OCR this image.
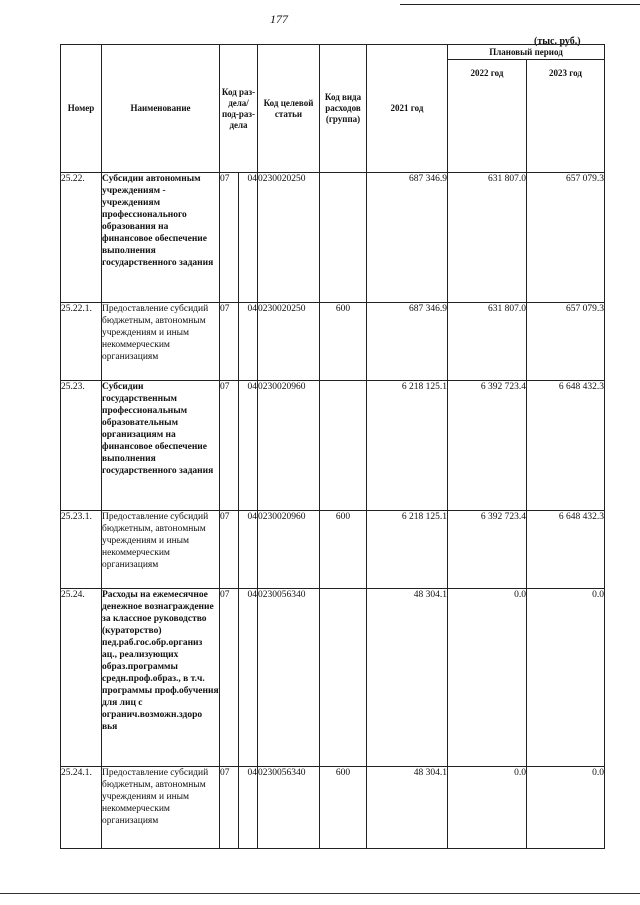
177
(тыс. руб.)
Номер	Наименование	Код раз-дела/ под-раз-дела		Код целевой статьи	Код вида расходов (группа)	2021 год	Плановый период	
							2022 год	2023 год

25.22.	Субсидии автономным учреждениям - учреждениям профессионального образования на финансовое обеспечение выполнения государственного задания	07	04	0230020250		687 346.9	631 807.0	657 079.3
25.22.1.	Предоставление субсидий бюджетным, автономным учреждениям и иным некоммерческим организациям	07	04	0230020250	600	687 346.9	631 807.0	657 079.3
25.23.	Субсидии государственным профессиональным образовательным организациям на финансовое обеспечение выполнения государственного задания	07	04	0230020960		6 218 125.1	6 392 723.4	6 648 432.3
25.23.1.	Предоставление субсидий бюджетным, автономным учреждениям и иным некоммерческим организациям	07	04	0230020960	600	6 218 125.1	6 392 723.4	6 648 432.3
25.24.	Расходы на ежемесячное денежное вознаграждение за классное руководство (кураторство) пед.раб.гос.обр.организ ац., реализующих образ.программы средн.проф.образ., в т.ч. программы проф.обучения для лиц с огранич.возможн.здоро вья	07	04	0230056340		48 304.1	0.0	0.0
25.24.1.	Предоставление субсидий бюджетным, автономным учреждениям и иным некоммерческим организациям	07	04	0230056340	600	48 304.1	0.0	0.0
